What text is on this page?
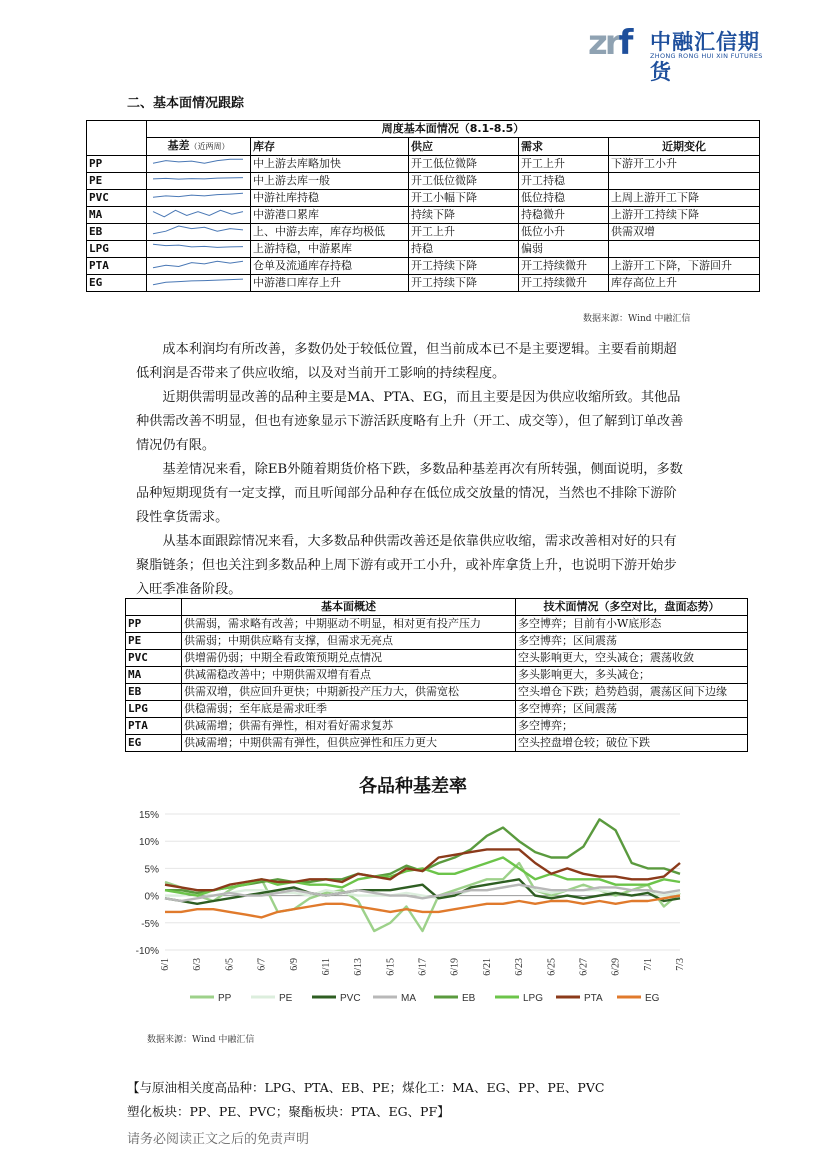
zrf 中融汇信期货
ZHONG RONG HUI XIN FUTURES
二、基本面情况跟踪
	周度基本面情况（8.1-8.5）				
	基差（近两周）	库存	供应	需求	近期变化
PP		中上游去库略加快	开工低位微降	开工上升	下游开工小升
PE		中上游去库一般	开工低位微降	开工持稳	
PVC		中游社库持稳	开工小幅下降	低位持稳	上周上游开工下降
MA		中游港口累库	持续下降	持稳微升	上游开工持续下降
EB		上、中游去库，库存均极低	开工上升	低位小升	供需双增
LPG		上游持稳，中游累库	持稳	偏弱	
PTA		仓单及流通库存持稳	开工持续下降	开工持续微升	上游开工下降，下游回升
EG		中游港口库存上升	开工持续下降	开工持续微升	库存高位上升
数据来源：Wind 中融汇信

成本利润均有所改善，多数仍处于较低位置，但当前成本已不是主要逻辑。主要看前期超低利润是否带来了供应收缩，以及对当前开工影响的持续程度。

近期供需明显改善的品种主要是MA、PTA、EG，而且主要是因为供应收缩所致。其他品种供需改善不明显，但也有迹象显示下游活跃度略有上升（开工、成交等），但了解到订单改善情况仍有限。

基差情况来看，除EB外随着期货价格下跌，多数品种基差再次有所转强，侧面说明，多数品种短期现货有一定支撑，而且听闻部分品种存在低位成交放量的情况，当然也不排除下游阶段性拿货需求。

从基本面跟踪情况来看，大多数品种供需改善还是依靠供应收缩，需求改善相对好的只有聚脂链条；但也关注到多数品种上周下游有或开工小升，或补库拿货上升，也说明下游开始步入旺季准备阶段。

	基本面概述	技术面情况（多空对比，盘面态势）
PP	供需弱，需求略有改善；中期驱动不明显，相对更有投产压力	多空博弈；目前有小W底形态
PE	供需弱；中期供应略有支撑，但需求无亮点	多空博弈；区间震荡
PVC	供增需仍弱；中期全看政策预期兑点情况	空头影响更大，空头减仓；震荡收敛
MA	供减需稳改善中；中期供需双增有看点	多头影响更大，多头减仓；
EB	供需双增，供应回升更快；中期新投产压力大，供需宽松	空头增仓下跌；趋势趋弱，震荡区间下边缘
LPG	供稳需弱；至年底是需求旺季	多空博弈；区间震荡
PTA	供减需增；供需有弹性，相对看好需求复苏	多空博弈；
EG	供减需增；中期供需有弹性，但供应弹性和压力更大	空头控盘增仓较；破位下跌
各品种基差率
15%
10%
5%
0%
-5%
-10%
6/1 6/3 6/5 6/7 6/9 6/11 6/13 6/15 6/17 6/19 6/21 6/23 6/25 6/27 6/29 7/1 7/3
PP	PE	PVC	MA	EB	LPG	PTA	EG
数据来源：Wind 中融汇信
【与原油相关度高品种：LPG、PTA、EB、PE；煤化工：MA、EG、PP、PE、PVC
塑化板块：PP、PE、PVC；聚酯板块：PTA、EG、PF】
请务必阅读正文之后的免责声明
